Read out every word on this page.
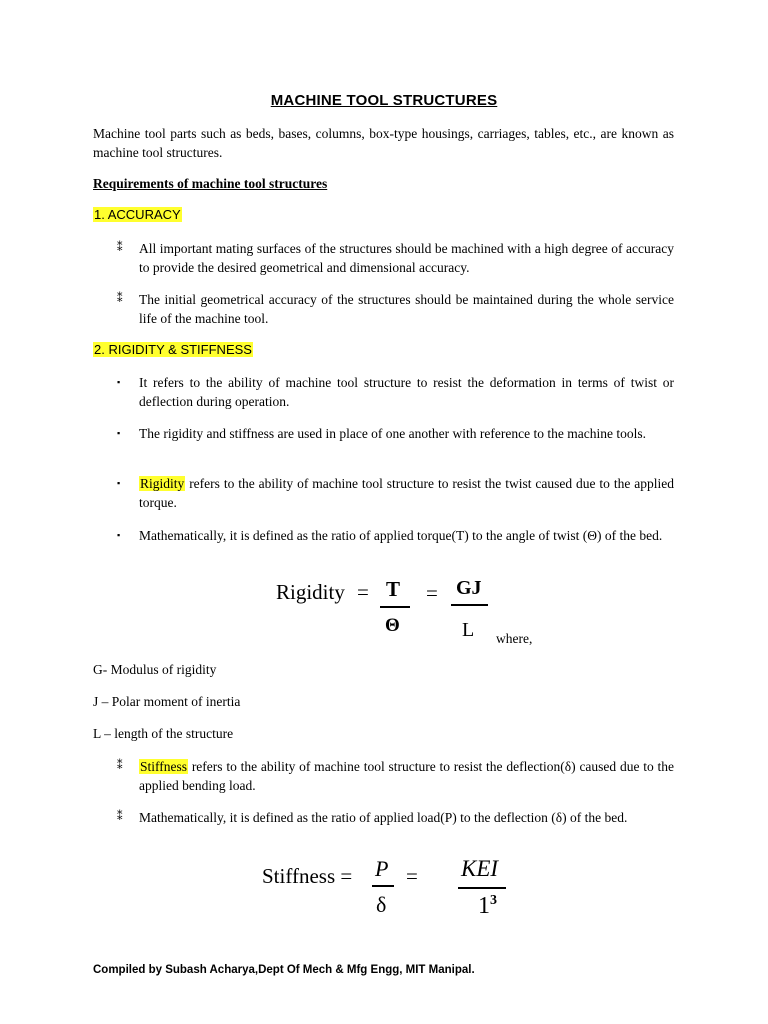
MACHINE TOOL STRUCTURES
Machine tool parts such as beds, bases, columns, box-type housings, carriages, tables, etc., are known as machine tool structures.
Requirements of machine tool structures
1. ACCURACY
⁑	All important mating surfaces of the structures should be machined with a high degree of accuracy to provide the desired geometrical and dimensional accuracy.
⁑	The initial geometrical accuracy of the structures should be maintained during the whole service life of the machine tool.
2. RIGIDITY & STIFFNESS
▪	It refers to the ability of machine tool structure to resist the deformation in terms of twist or deflection during operation.
▪	The rigidity and stiffness are used in place of one another with reference to the machine tools.
▪	Rigidity refers to the ability of machine tool structure to resist the twist caused due to the applied torque.
▪	Mathematically, it is defined as the ratio of applied torque(T) to the angle of twist (Θ) of the bed.
Rigidity = T
Θ
= GJ
L where,
G- Modulus of rigidity
J – Polar moment of inertia
L – length of the structure
⁑	Stiffness refers to the ability of machine tool structure to resist the deflection(δ) caused due to the applied bending load.
⁑	Mathematically, it is defined as the ratio of applied load(P) to the deflection (δ) of the bed.
Stiffness = P
δ
= KEI
$1^3$
Compiled by Subash Acharya,Dept Of Mech & Mfg Engg, MIT Manipal.
